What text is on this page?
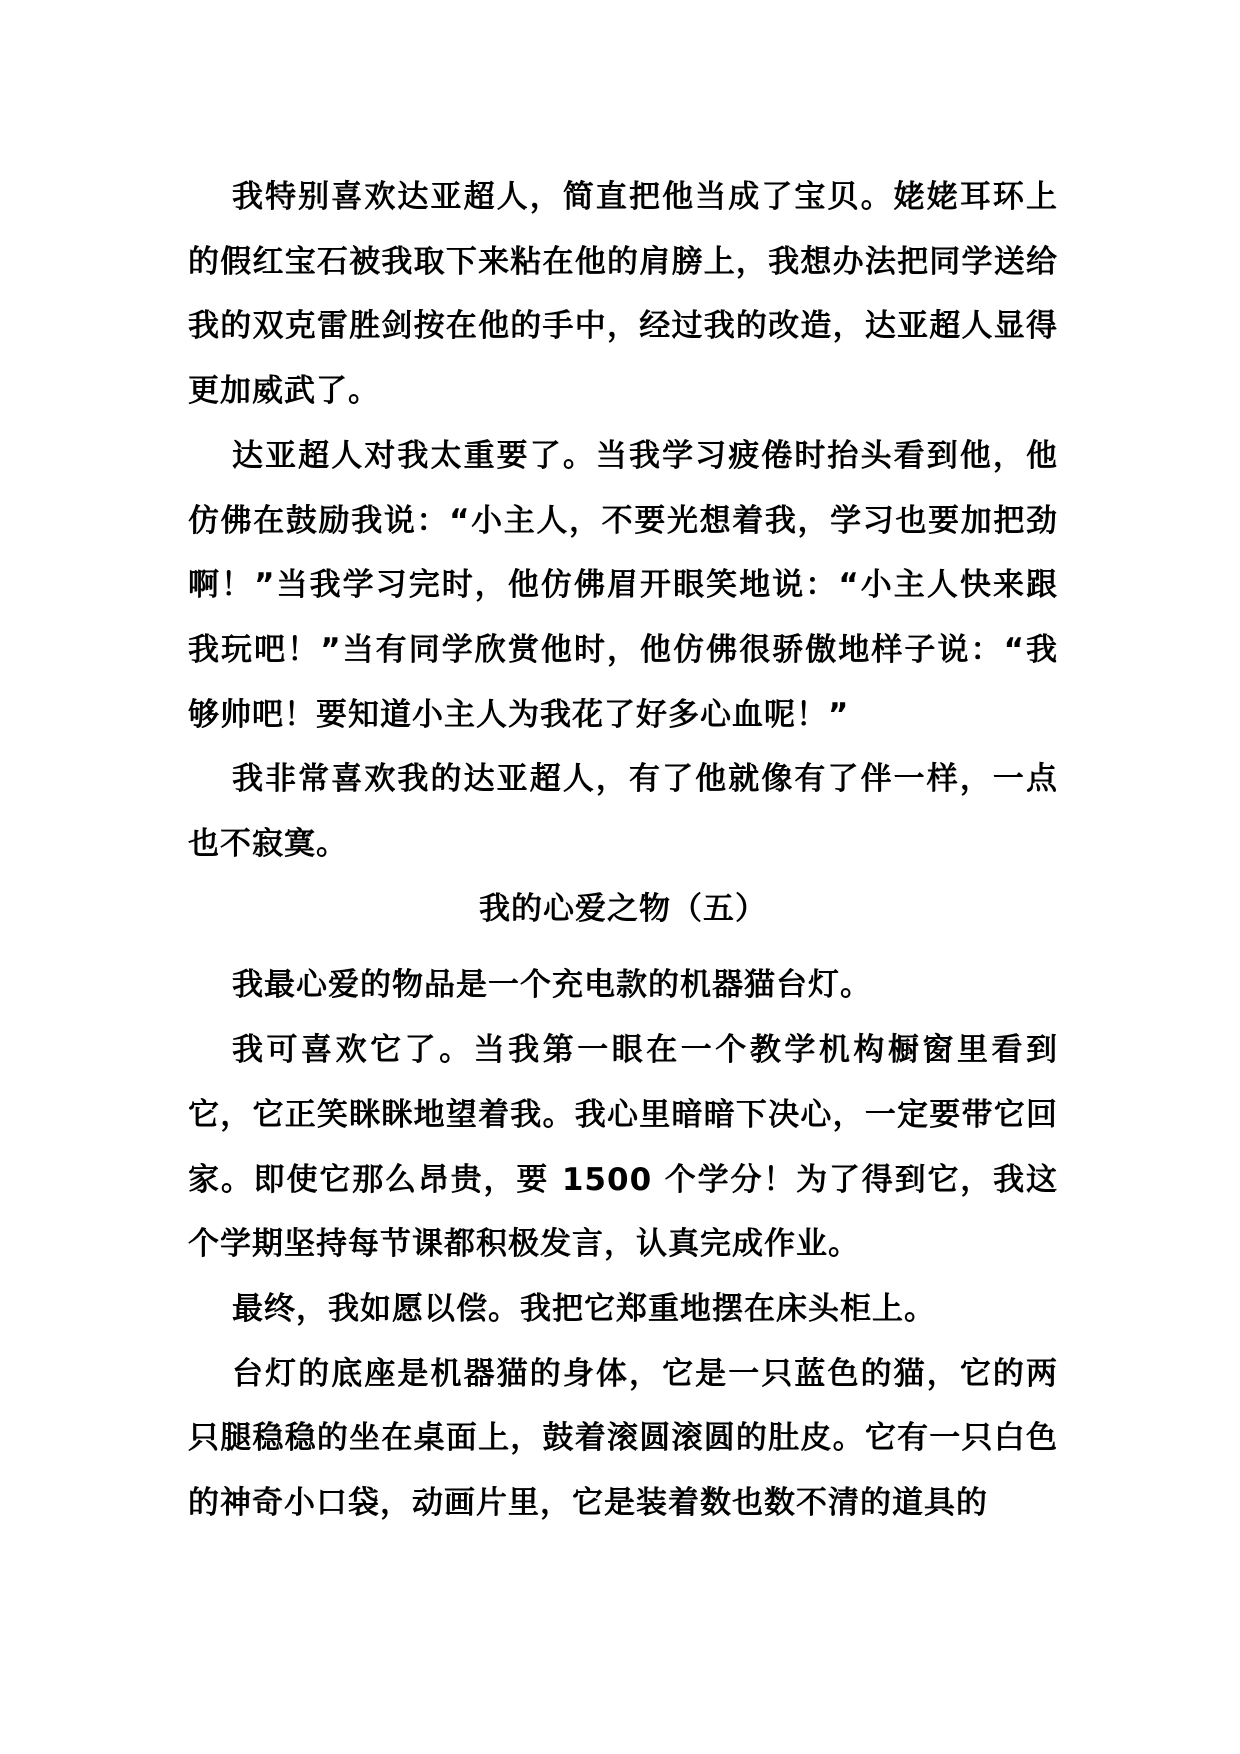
我特别喜欢达亚超人，简直把他当成了宝贝。姥姥耳环上的假红宝石被我取下来粘在他的肩膀上，我想办法把同学送给我的双克雷胜剑按在他的手中，经过我的改造，达亚超人显得更加威武了。

达亚超人对我太重要了。当我学习疲倦时抬头看到他，他仿佛在鼓励我说：“小主人，不要光想着我，学习也要加把劲啊！”当我学习完时，他仿佛眉开眼笑地说：“小主人快来跟我玩吧！”当有同学欣赏他时，他仿佛很骄傲地样子说：“我够帅吧！要知道小主人为我花了好多心血呢！”

我非常喜欢我的达亚超人，有了他就像有了伴一样，一点也不寂寞。

我的心爱之物（五）

我最心爱的物品是一个充电款的机器猫台灯。

我可喜欢它了。当我第一眼在一个教学机构橱窗里看到它，它正笑眯眯地望着我。我心里暗暗下决心，一定要带它回家。即使它那么昂贵，要 1500 个学分！为了得到它，我这个学期坚持每节课都积极发言，认真完成作业。

最终，我如愿以偿。我把它郑重地摆在床头柜上。

台灯的底座是机器猫的身体，它是一只蓝色的猫，它的两只腿稳稳的坐在桌面上，鼓着滚圆滚圆的肚皮。它有一只白色的神奇小口袋，动画片里，它是装着数也数不清的道具的
